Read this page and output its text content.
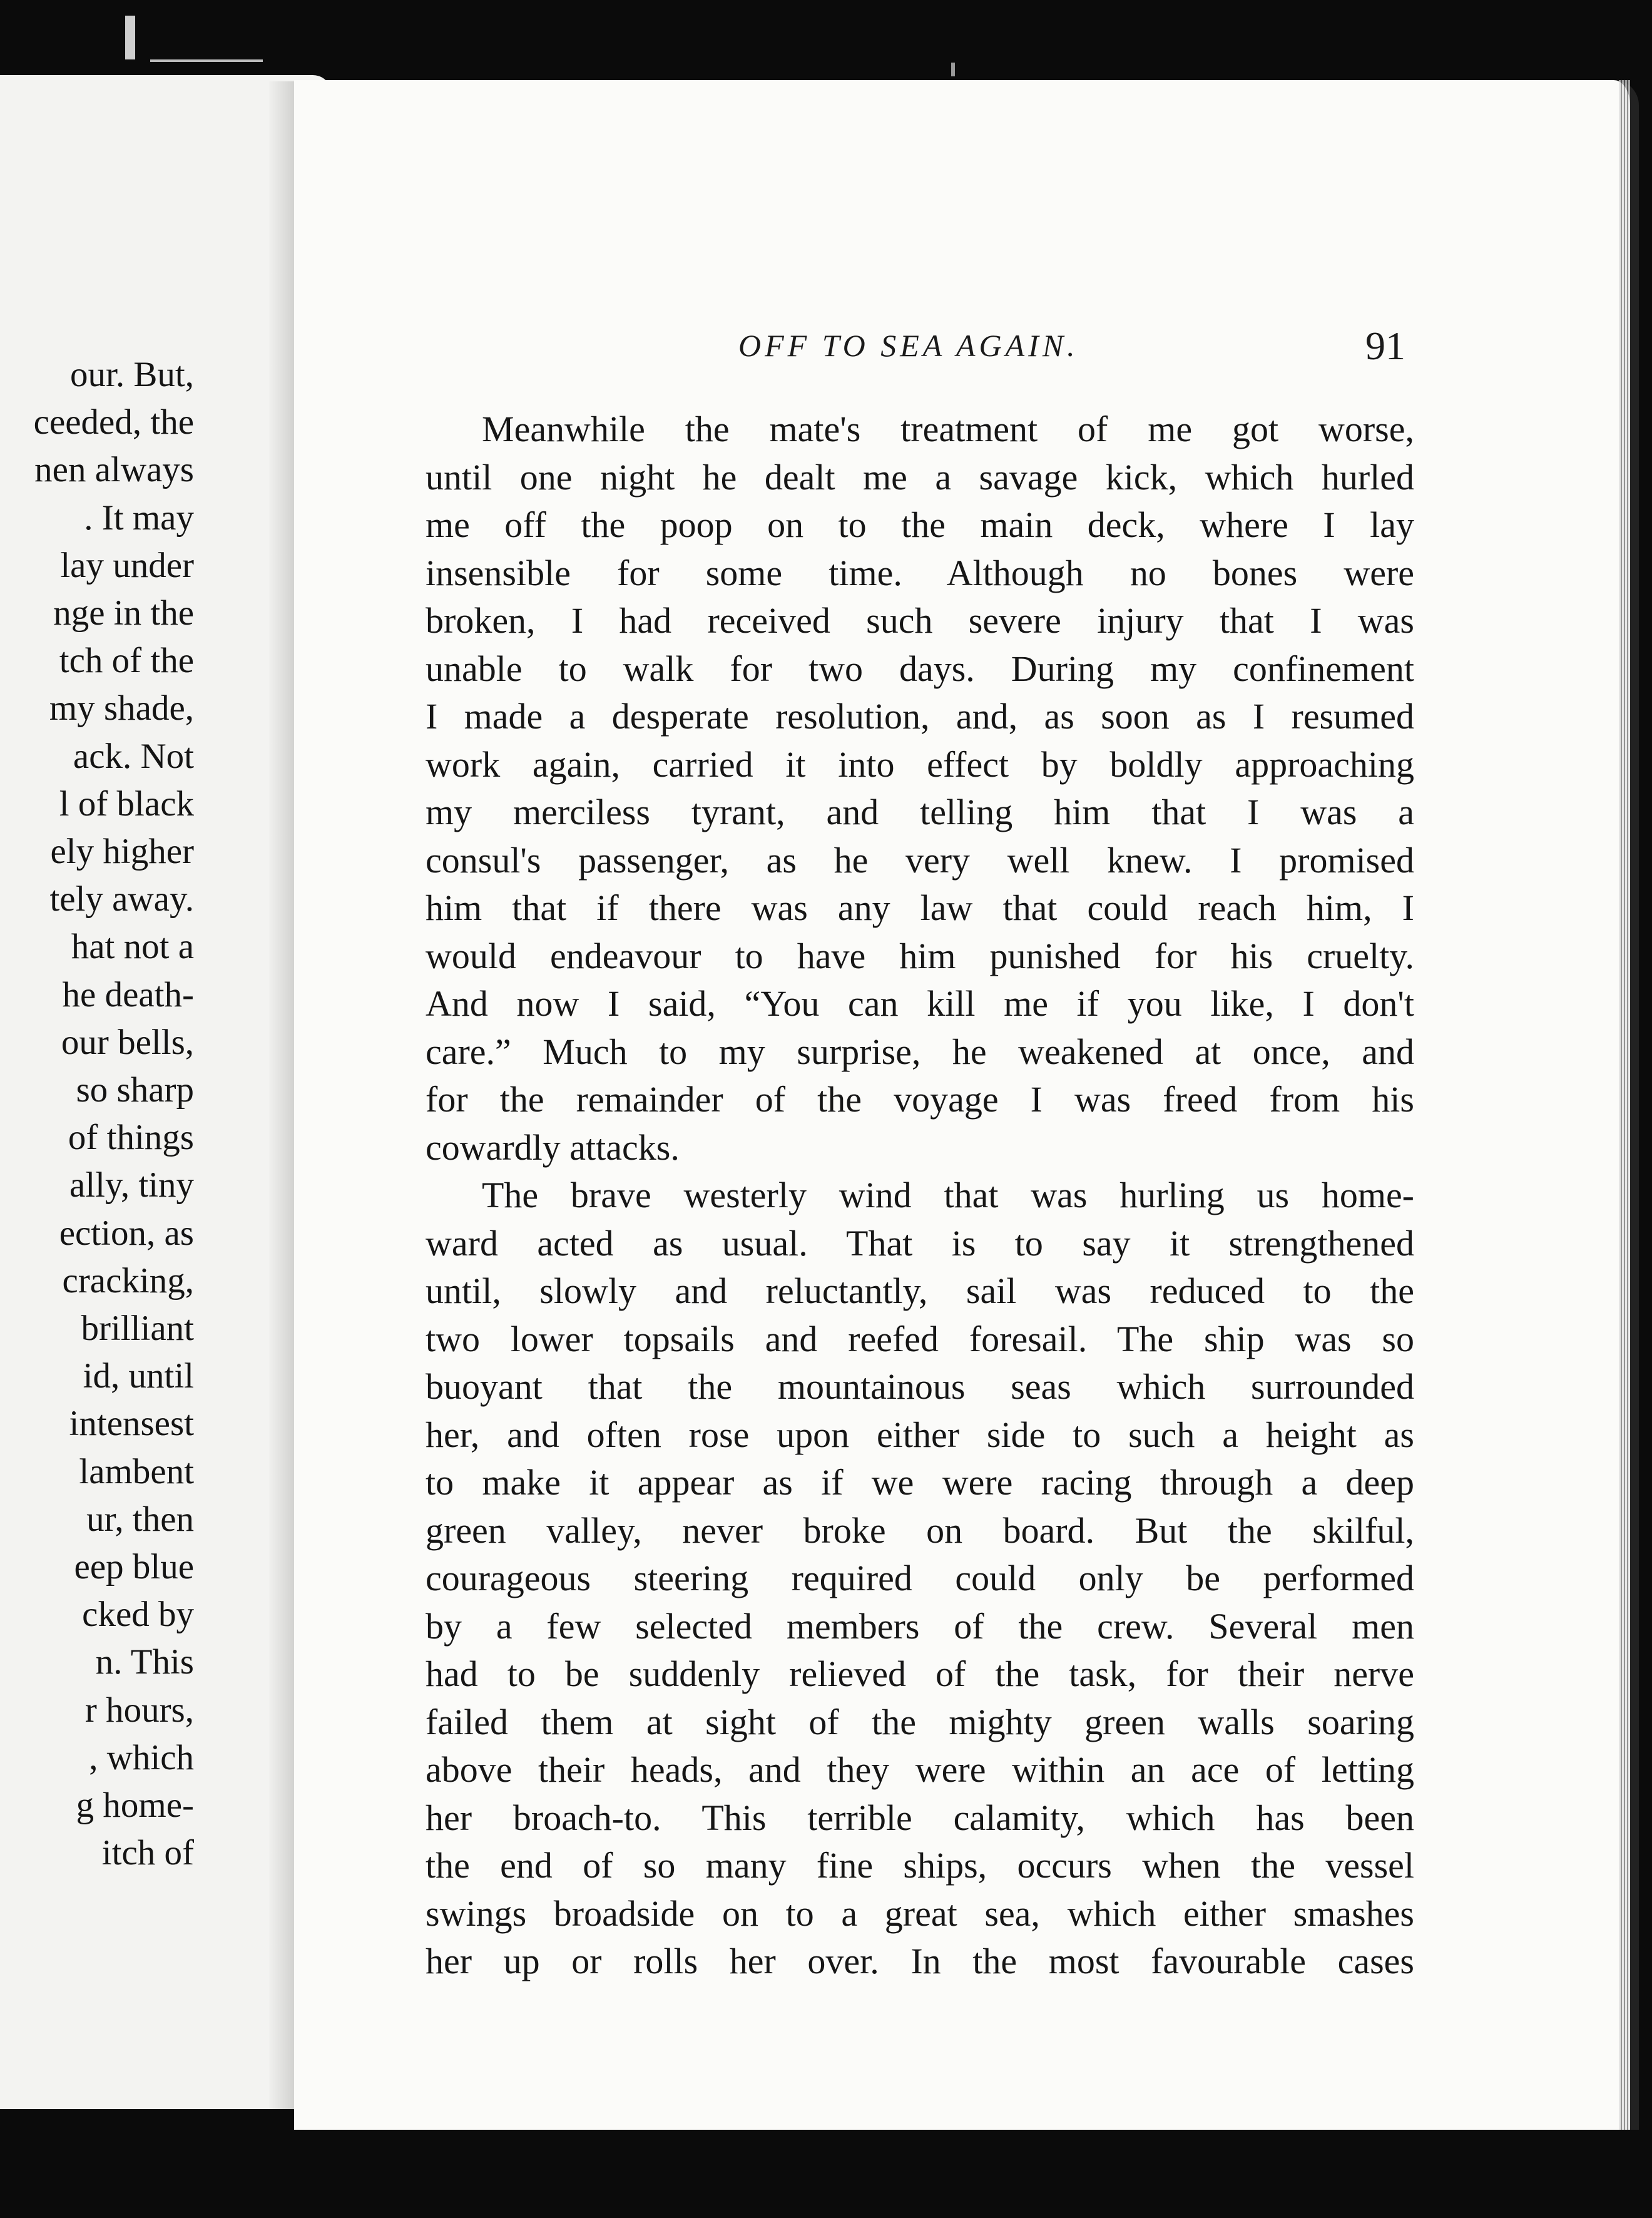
our. But,
ceeded, the
nen always
. It may
lay under
nge in the
tch of the
my shade,
ack. Not
l of black
ely higher
tely away.
hat not a
he death-
our bells,
so sharp
of things
ally, tiny
ection, as
cracking,
brilliant
id, until
intensest
lambent
ur, then
eep blue
cked by
n. This
r hours,
, which
g home-
itch of
OFF TO SEA AGAIN.	91
Meanwhile the mate's treatment of me got worse,
until one night he dealt me a savage kick, which hurled
me off the poop on to the main deck, where I lay
insensible for some time. Although no bones were
broken, I had received such severe injury that I was
unable to walk for two days. During my confinement
I made a desperate resolution, and, as soon as I resumed
work again, carried it into effect by boldly approaching
my merciless tyrant, and telling him that I was a
consul's passenger, as he very well knew. I promised
him that if there was any law that could reach him, I
would endeavour to have him punished for his cruelty.
And now I said, “You can kill me if you like, I don't
care.” Much to my surprise, he weakened at once, and
for the remainder of the voyage I was freed from his
cowardly attacks.
The brave westerly wind that was hurling us home-
ward acted as usual. That is to say it strengthened
until, slowly and reluctantly, sail was reduced to the
two lower topsails and reefed foresail. The ship was so
buoyant that the mountainous seas which surrounded
her, and often rose upon either side to such a height as
to make it appear as if we were racing through a deep
green valley, never broke on board. But the skilful,
courageous steering required could only be performed
by a few selected members of the crew. Several men
had to be suddenly relieved of the task, for their nerve
failed them at sight of the mighty green walls soaring
above their heads, and they were within an ace of letting
her broach-to. This terrible calamity, which has been
the end of so many fine ships, occurs when the vessel
swings broadside on to a great sea, which either smashes
her up or rolls her over. In the most favourable cases
